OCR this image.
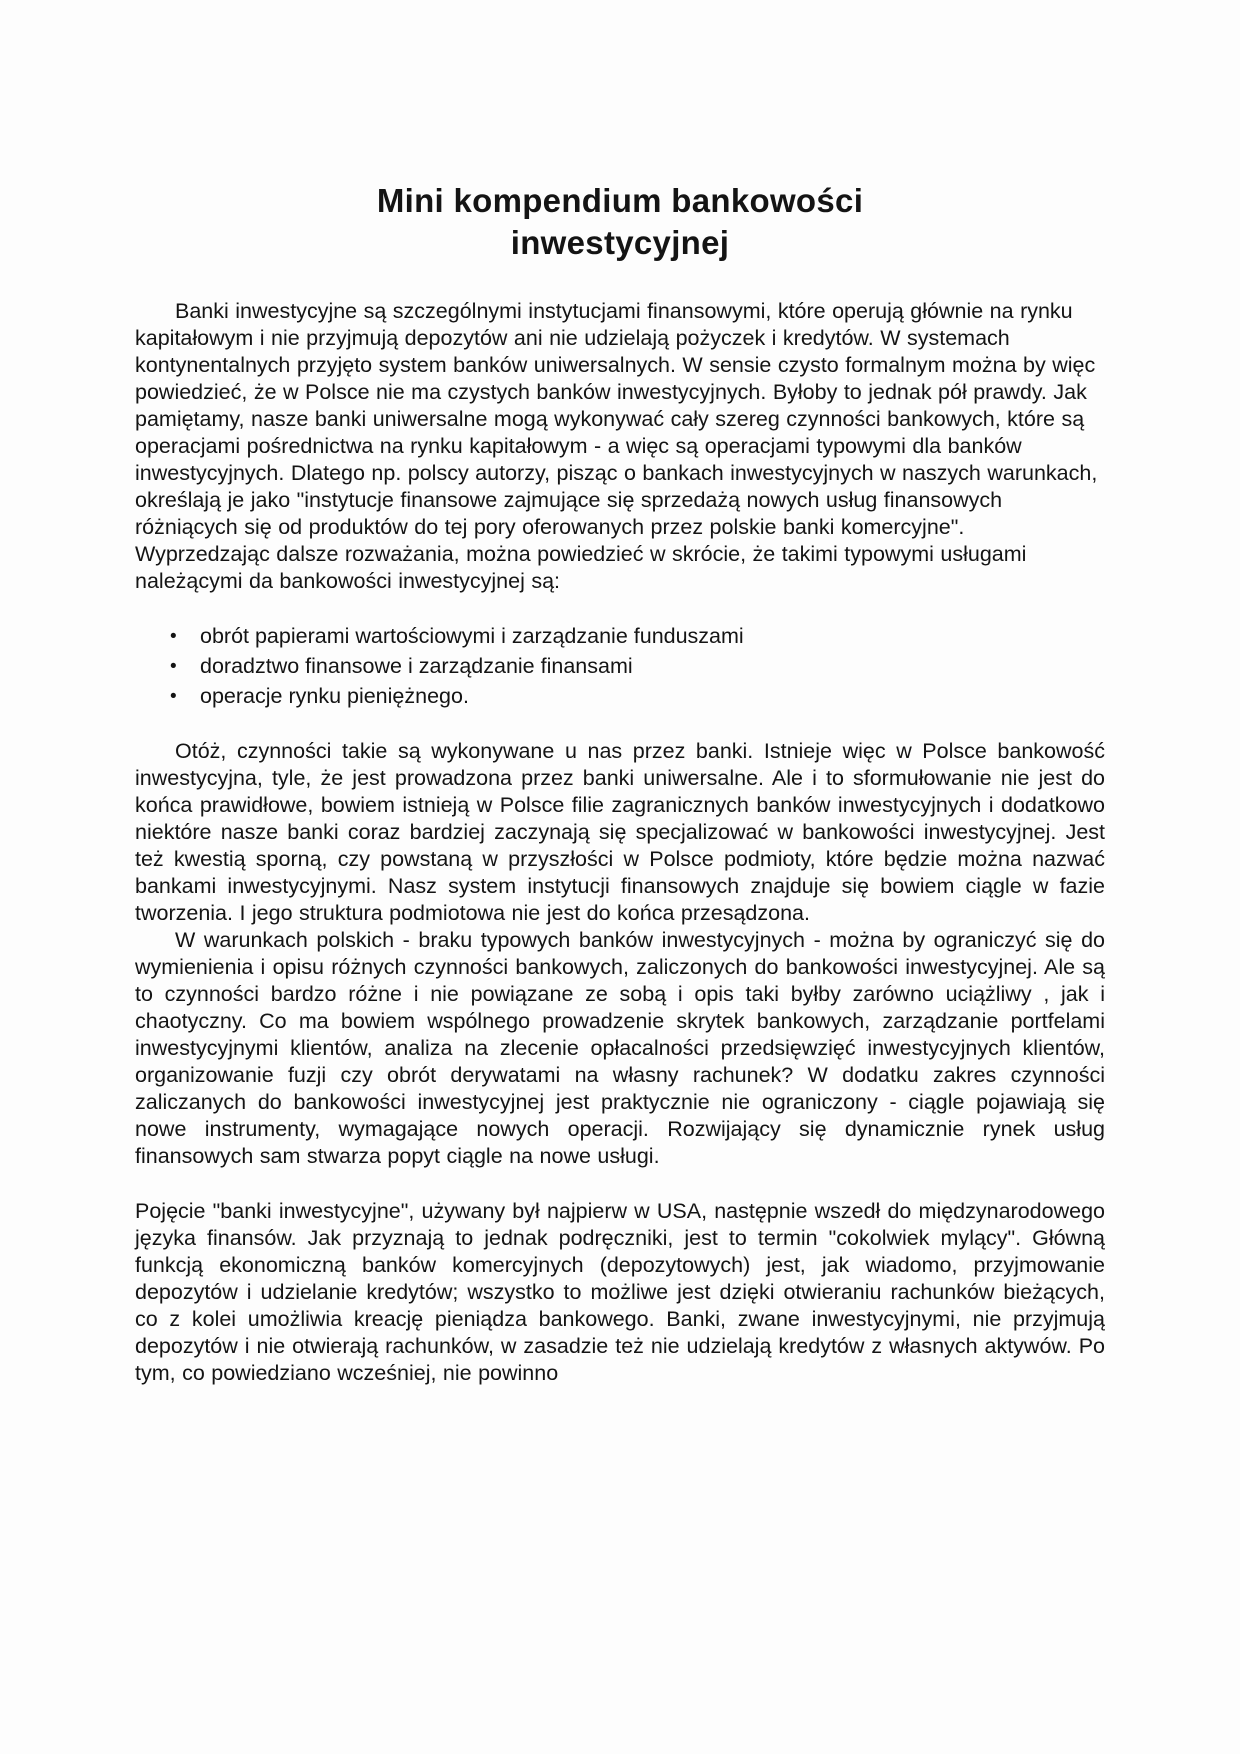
Mini kompendium bankowości inwestycyjnej

Banki inwestycyjne są szczególnymi instytucjami finansowymi, które operują głównie na rynku kapitałowym i nie przyjmują depozytów ani nie udzielają pożyczek i kredytów. W systemach kontynentalnych przyjęto system banków uniwersalnych. W sensie czysto formalnym można by więc powiedzieć, że w Polsce nie ma czystych banków inwestycyjnych. Byłoby to jednak pół prawdy. Jak pamiętamy, nasze banki uniwersalne mogą wykonywać cały szereg czynności bankowych, które są operacjami pośrednictwa na rynku kapitałowym - a więc są operacjami typowymi dla banków inwestycyjnych. Dlatego np. polscy autorzy, pisząc o bankach inwestycyjnych w naszych warunkach, określają je jako "instytucje finansowe zajmujące się sprzedażą nowych usług finansowych różniących się od produktów do tej pory oferowanych przez polskie banki komercyjne". Wyprzedzając dalsze rozważania, można powiedzieć w skrócie, że takimi typowymi usługami należącymi da bankowości inwestycyjnej są:

• obrót papierami wartościowymi i zarządzanie funduszami
• doradztwo finansowe i zarządzanie finansami
• operacje rynku pieniężnego.

Otóż, czynności takie są wykonywane u nas przez banki. Istnieje więc w Polsce bankowość inwestycyjna, tyle, że jest prowadzona przez banki uniwersalne. Ale i to sformułowanie nie jest do końca prawidłowe, bowiem istnieją w Polsce filie zagranicznych banków inwestycyjnych i dodatkowo niektóre nasze banki coraz bardziej zaczynają się specjalizować w bankowości inwestycyjnej. Jest też kwestią sporną, czy powstaną w przyszłości w Polsce podmioty, które będzie można nazwać bankami inwestycyjnymi. Nasz system instytucji finansowych znajduje się bowiem ciągle w fazie tworzenia. I jego struktura podmiotowa nie jest do końca przesądzona.

W warunkach polskich - braku typowych banków inwestycyjnych - można by ograniczyć się do wymienienia i opisu różnych czynności bankowych, zaliczonych do bankowości inwestycyjnej. Ale są to czynności bardzo różne i nie powiązane ze sobą i opis taki byłby zarówno uciążliwy , jak i chaotyczny. Co ma bowiem wspólnego prowadzenie skrytek bankowych, zarządzanie portfelami inwestycyjnymi klientów, analiza na zlecenie opłacalności przedsięwzięć inwestycyjnych klientów, organizowanie fuzji czy obrót derywatami na własny rachunek? W dodatku zakres czynności zaliczanych do bankowości inwestycyjnej jest praktycznie nie ograniczony - ciągle pojawiają się nowe instrumenty, wymagające nowych operacji. Rozwijający się dynamicznie rynek usług finansowych sam stwarza popyt ciągle na nowe usługi.

Pojęcie "banki inwestycyjne", używany był najpierw w USA, następnie wszedł do międzynarodowego języka finansów. Jak przyznają to jednak podręczniki, jest to termin "cokolwiek mylący". Główną funkcją ekonomiczną banków komercyjnych (depozytowych) jest, jak wiadomo, przyjmowanie depozytów i udzielanie kredytów; wszystko to możliwe jest dzięki otwieraniu rachunków bieżących, co z kolei umożliwia kreację pieniądza bankowego. Banki, zwane inwestycyjnymi, nie przyjmują depozytów i nie otwierają rachunków, w zasadzie też nie udzielają kredytów z własnych aktywów. Po tym, co powiedziano wcześniej, nie powinno
